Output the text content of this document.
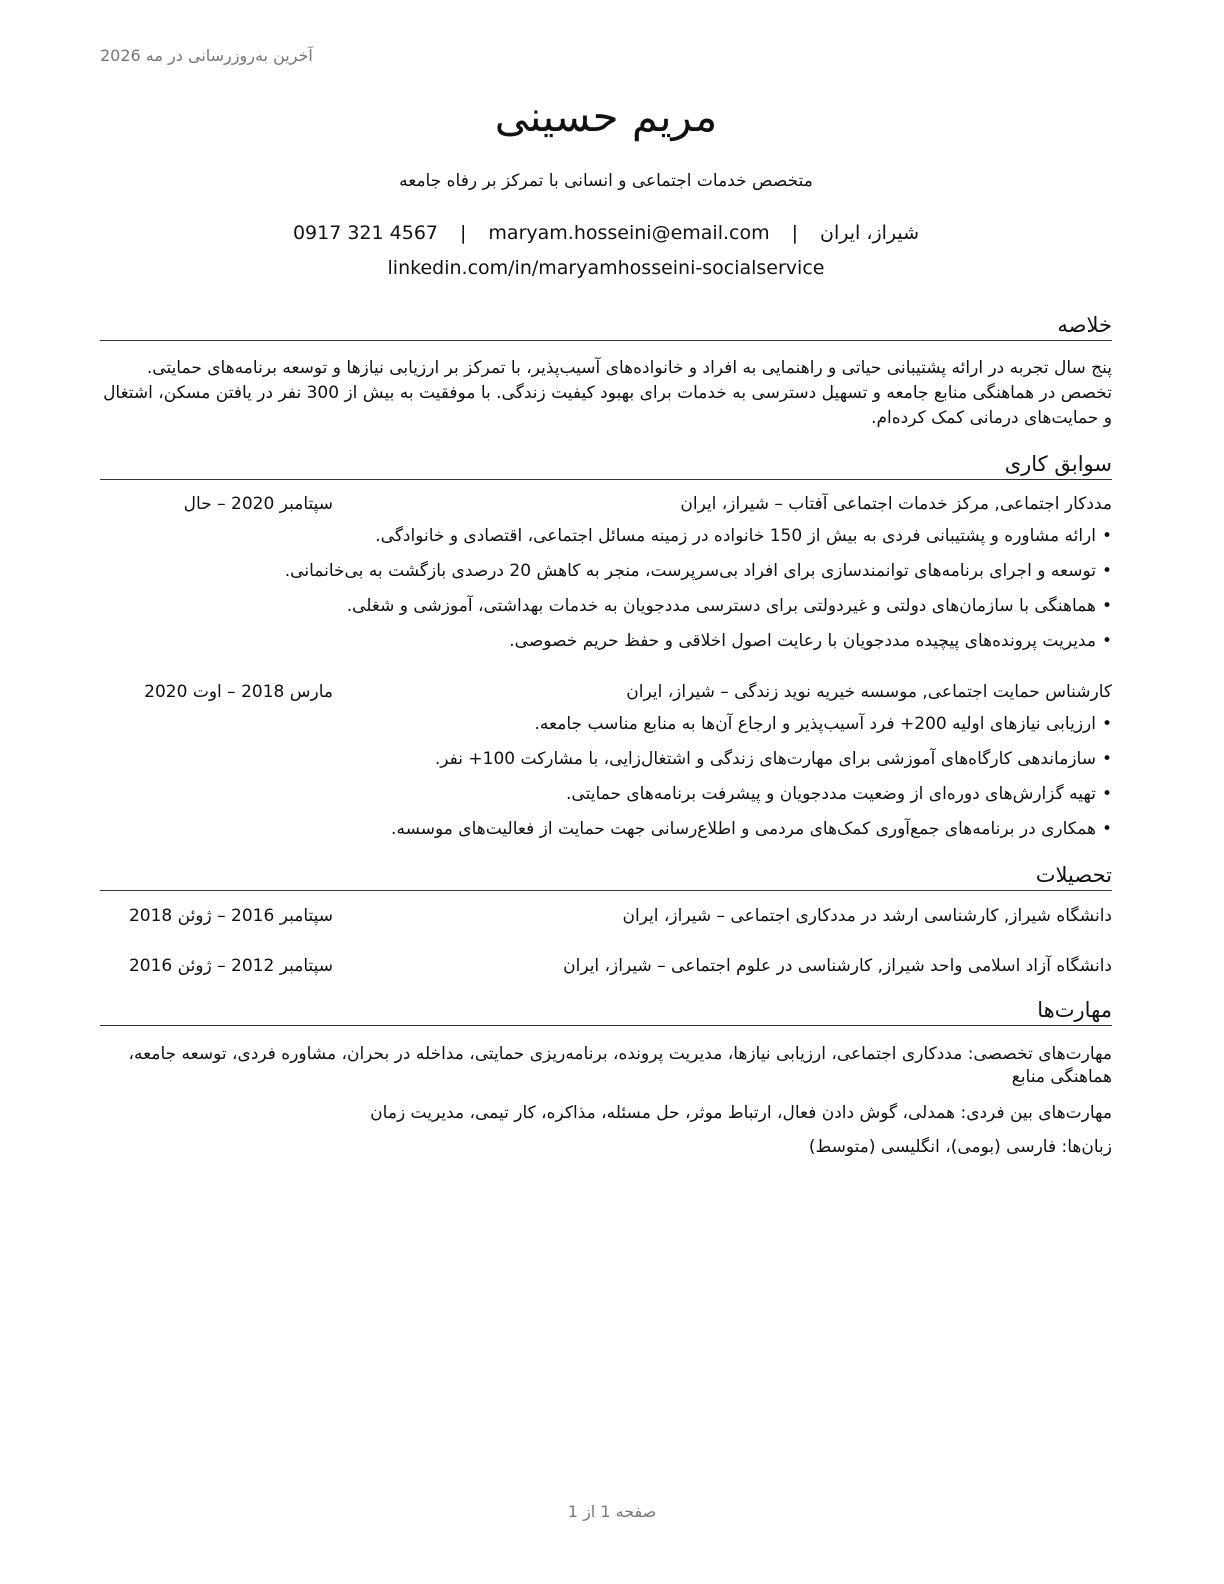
آخرین به‌روزرسانی در مه 2026
مریم حسینی
متخصص خدمات اجتماعی و انسانی با تمرکز بر رفاه جامعه
0917 321 4567 | maryam.hosseini@email.com | شیراز، ایران
linkedin.com/in/maryamhosseini-socialservice
خلاصه
پنج سال تجربه در ارائه پشتیبانی حیاتی و راهنمایی به افراد و خانواده‌های آسیب‌پذیر، با تمرکز بر ارزیابی نیازها و توسعه برنامه‌های حمایتی. تخصص در هماهنگی منابع جامعه و تسهیل دسترسی به خدمات برای بهبود کیفیت زندگی. با موفقیت به بیش از 300 نفر در یافتن مسکن، اشتغال و حمایت‌های درمانی کمک کرده‌ام.
سوابق کاری
مددکار اجتماعی, مرکز خدمات اجتماعی آفتاب – شیراز، ایران
سپتامبر 2020 – حال
•ارائه مشاوره و پشتیبانی فردی به بیش از 150 خانواده در زمینه مسائل اجتماعی، اقتصادی و خانوادگی.
•توسعه و اجرای برنامه‌های توانمندسازی برای افراد بی‌سرپرست، منجر به کاهش 20 درصدی بازگشت به بی‌خانمانی.
•هماهنگی با سازمان‌های دولتی و غیردولتی برای دسترسی مددجویان به خدمات بهداشتی، آموزشی و شغلی.
•مدیریت پرونده‌های پیچیده مددجویان با رعایت اصول اخلاقی و حفظ حریم خصوصی.
کارشناس حمایت اجتماعی, موسسه خیریه نوید زندگی – شیراز، ایران
مارس 2018 – اوت 2020
•ارزیابی نیازهای اولیه 200+ فرد آسیب‌پذیر و ارجاع آن‌ها به منابع مناسب جامعه.
•سازماندهی کارگاه‌های آموزشی برای مهارت‌های زندگی و اشتغال‌زایی، با مشارکت 100+ نفر.
•تهیه گزارش‌های دوره‌ای از وضعیت مددجویان و پیشرفت برنامه‌های حمایتی.
•همکاری در برنامه‌های جمع‌آوری کمک‌های مردمی و اطلاع‌رسانی جهت حمایت از فعالیت‌های موسسه.
تحصیلات
دانشگاه شیراز, کارشناسی ارشد در مددکاری اجتماعی – شیراز، ایران
سپتامبر 2016 – ژوئن 2018
دانشگاه آزاد اسلامی واحد شیراز, کارشناسی در علوم اجتماعی – شیراز، ایران
سپتامبر 2012 – ژوئن 2016
مهارت‌ها
مهارت‌های تخصصی: مددکاری اجتماعی، ارزیابی نیازها، مدیریت پرونده، برنامه‌ریزی حمایتی، مداخله در بحران، مشاوره فردی، توسعه جامعه، هماهنگی منابع
مهارت‌های بین فردی: همدلی، گوش دادن فعال، ارتباط موثر، حل مسئله، مذاکره، کار تیمی، مدیریت زمان
زبان‌ها: فارسی (بومی)، انگلیسی (متوسط)
صفحه 1 از 1
